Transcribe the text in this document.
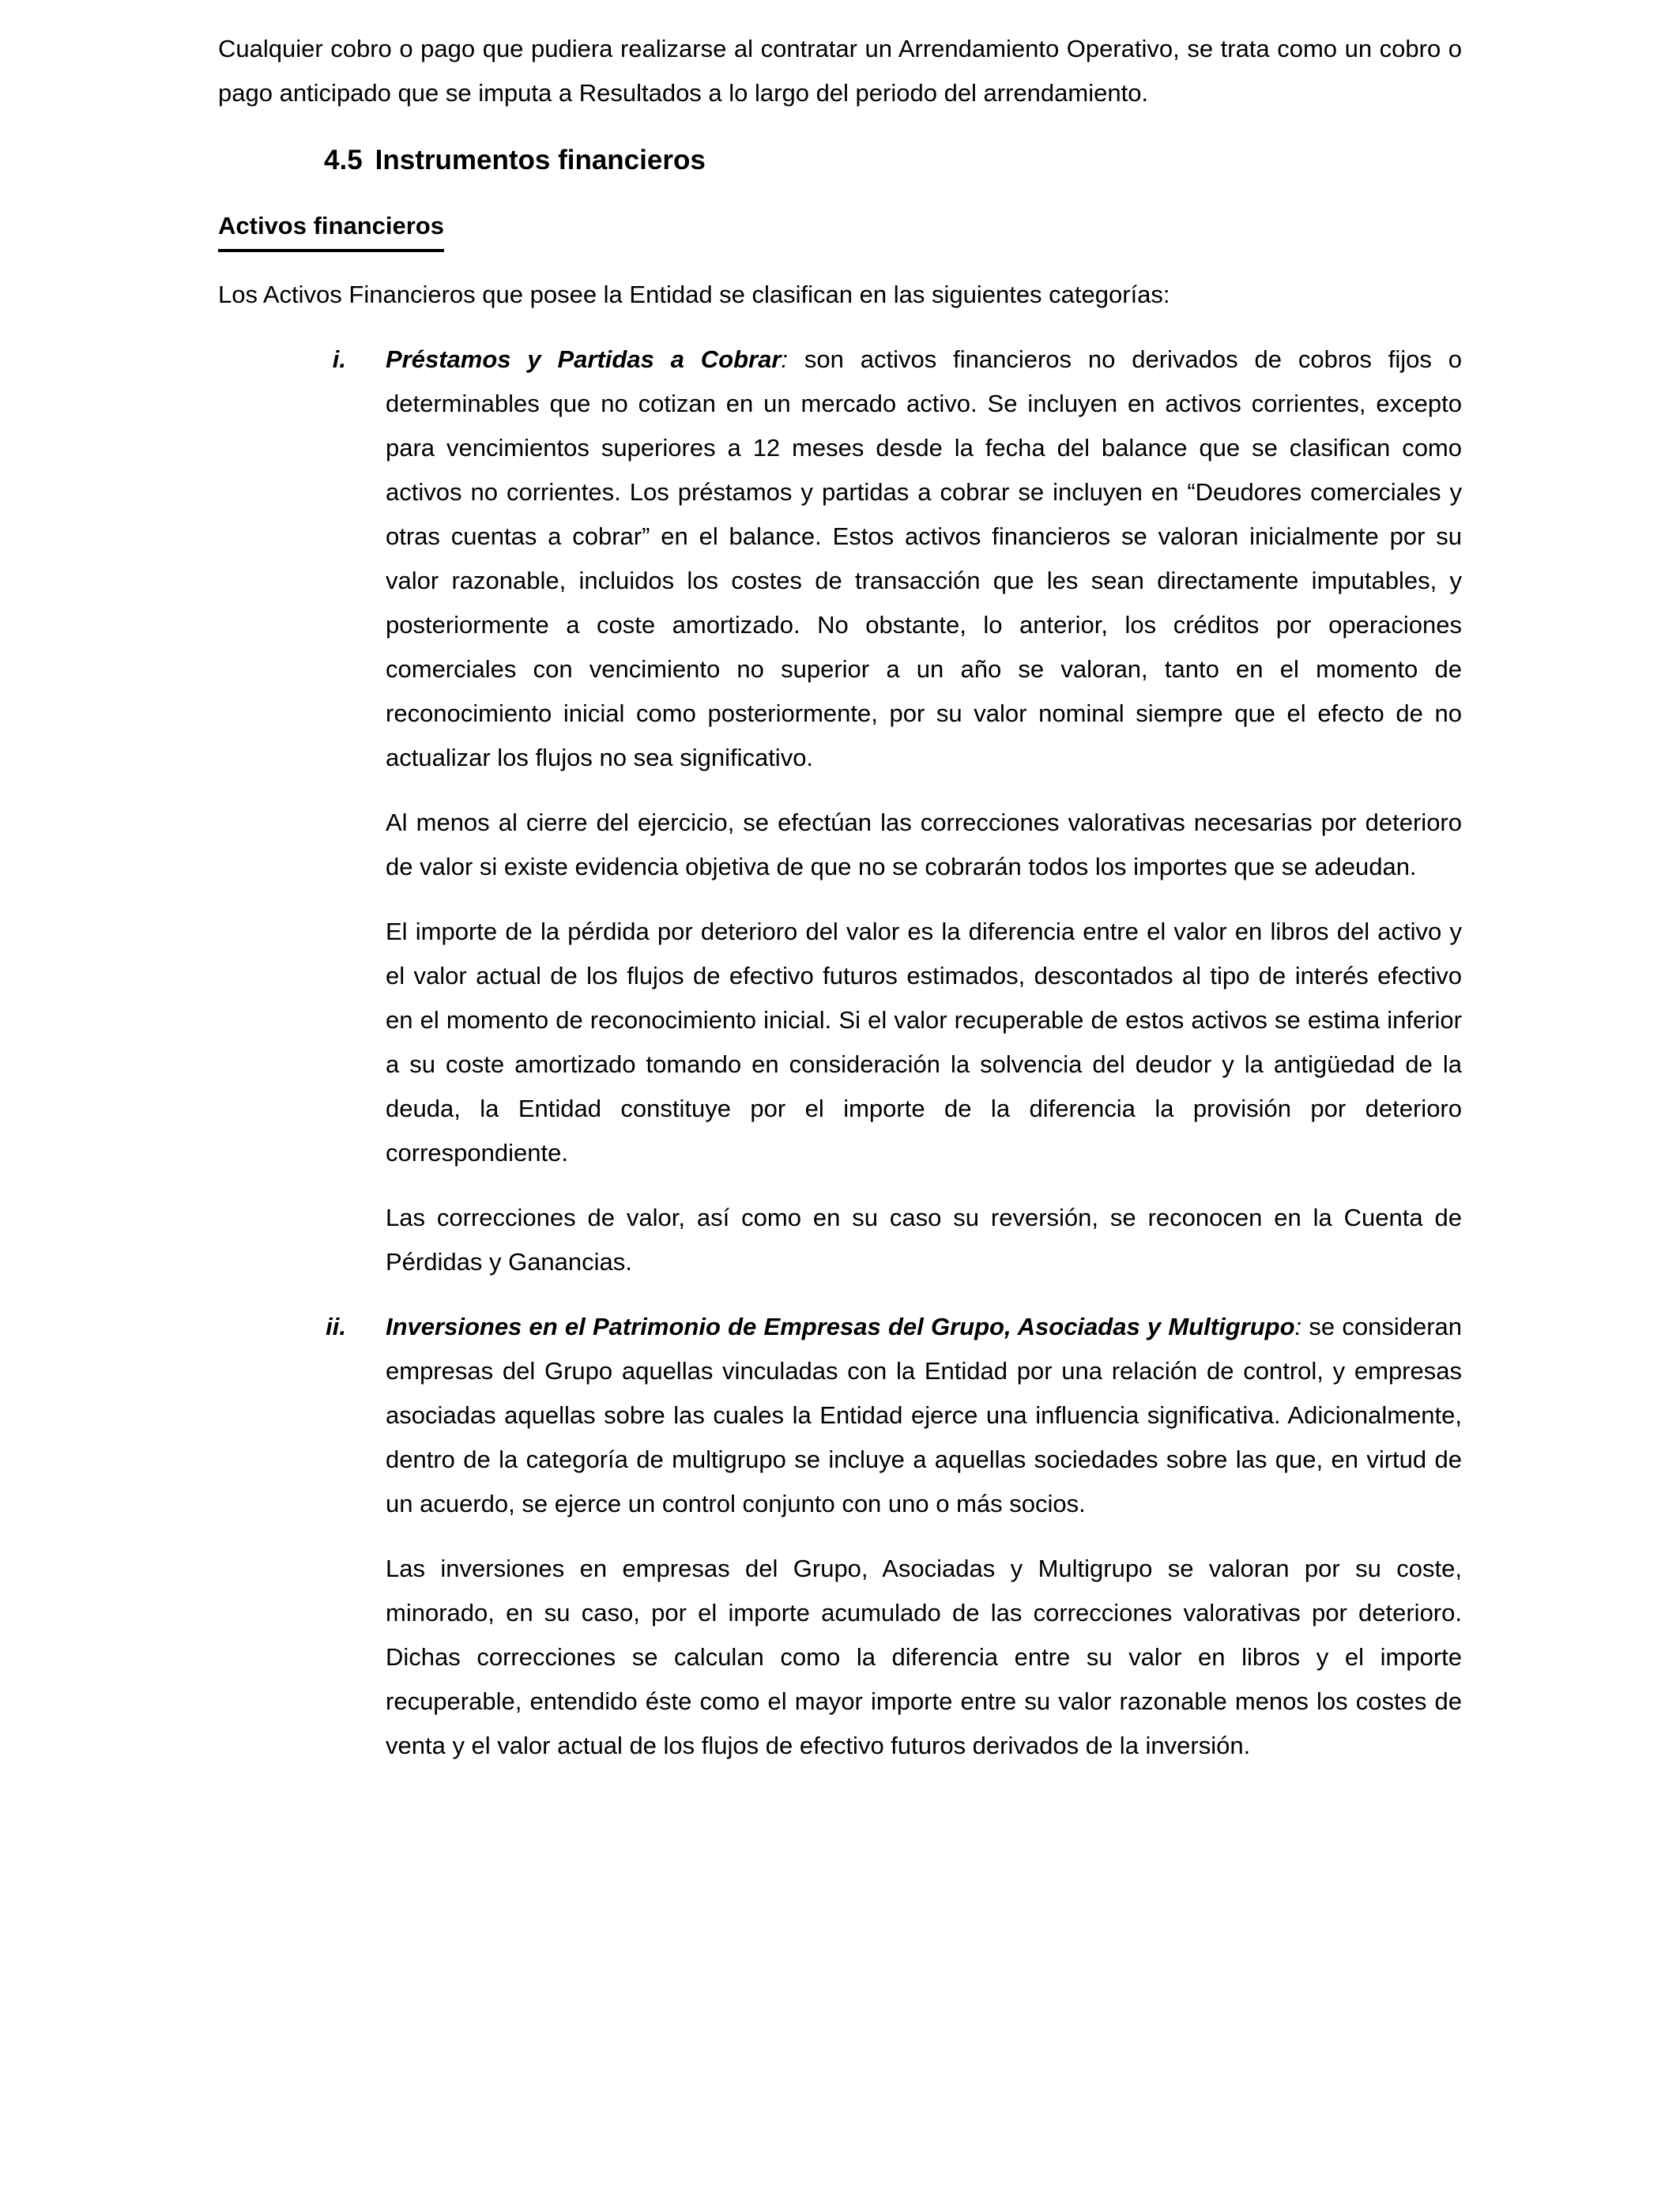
Cualquier cobro o pago que pudiera realizarse al contratar un Arrendamiento Operativo, se trata como un cobro o pago anticipado que se imputa a Resultados a lo largo del periodo del arrendamiento.

4.5 Instrumentos financieros
Activos financieros

Los Activos Financieros que posee la Entidad se clasifican en las siguientes categorías:

i. Préstamos y Partidas a Cobrar: son activos financieros no derivados de cobros fijos o determinables que no cotizan en un mercado activo. Se incluyen en activos corrientes, excepto para vencimientos superiores a 12 meses desde la fecha del balance que se clasifican como activos no corrientes. Los préstamos y partidas a cobrar se incluyen en “Deudores comerciales y otras cuentas a cobrar” en el balance. Estos activos financieros se valoran inicialmente por su valor razonable, incluidos los costes de transacción que les sean directamente imputables, y posteriormente a coste amortizado. No obstante, lo anterior, los créditos por operaciones comerciales con vencimiento no superior a un año se valoran, tanto en el momento de reconocimiento inicial como posteriormente, por su valor nominal siempre que el efecto de no actualizar los flujos no sea significativo.

Al menos al cierre del ejercicio, se efectúan las correcciones valorativas necesarias por deterioro de valor si existe evidencia objetiva de que no se cobrarán todos los importes que se adeudan.

El importe de la pérdida por deterioro del valor es la diferencia entre el valor en libros del activo y el valor actual de los flujos de efectivo futuros estimados, descontados al tipo de interés efectivo en el momento de reconocimiento inicial. Si el valor recuperable de estos activos se estima inferior a su coste amortizado tomando en consideración la solvencia del deudor y la antigüedad de la deuda, la Entidad constituye por el importe de la diferencia la provisión por deterioro correspondiente.

Las correcciones de valor, así como en su caso su reversión, se reconocen en la Cuenta de Pérdidas y Ganancias.

ii. Inversiones en el Patrimonio de Empresas del Grupo, Asociadas y Multigrupo: se consideran empresas del Grupo aquellas vinculadas con la Entidad por una relación de control, y empresas asociadas aquellas sobre las cuales la Entidad ejerce una influencia significativa. Adicionalmente, dentro de la categoría de multigrupo se incluye a aquellas sociedades sobre las que, en virtud de un acuerdo, se ejerce un control conjunto con uno o más socios.

Las inversiones en empresas del Grupo, Asociadas y Multigrupo se valoran por su coste, minorado, en su caso, por el importe acumulado de las correcciones valorativas por deterioro. Dichas correcciones se calculan como la diferencia entre su valor en libros y el importe recuperable, entendido éste como el mayor importe entre su valor razonable menos los costes de venta y el valor actual de los flujos de efectivo futuros derivados de la inversión.
